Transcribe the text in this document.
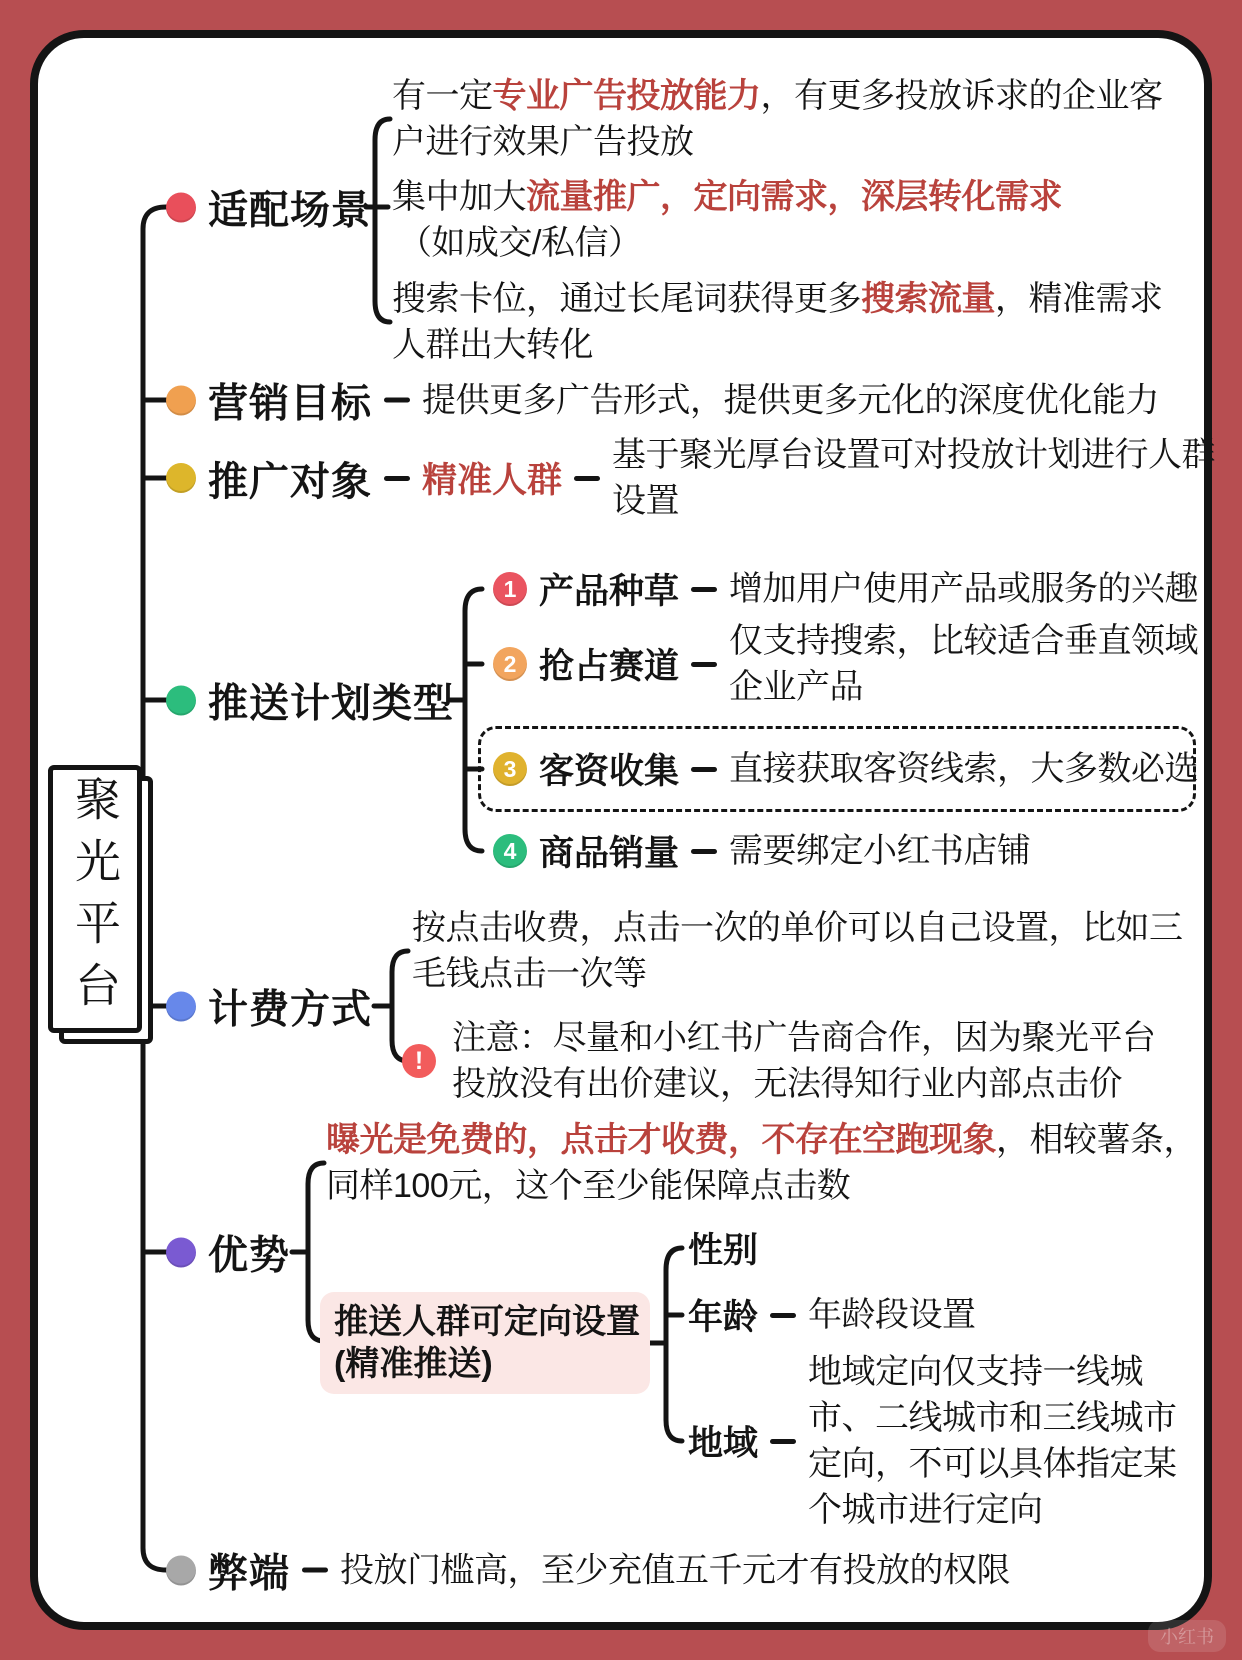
聚光平台
适配场景
有一定专业广告投放能力，有更多投放诉求的企业客
户进行效果广告投放
集中加大流量推广，定向需求，深层转化需求
（如成交/私信）
搜索卡位，通过长尾词获得更多搜索流量，精准需求
人群出大转化
营销目标 提供更多广告形式，提供更多元化的深度优化能力
推广对象 精准人群
基于聚光厚台设置可对投放计划进行人群
设置
推送计划类型
1 产品种草 增加用户使用产品或服务的兴趣
2 抢占赛道
仅支持搜索，比较适合垂直领域
企业产品
3 客资收集 直接获取客资线索，大多数必选
4 商品销量 需要绑定小红书店铺
计费方式
按点击收费，点击一次的单价可以自己设置，比如三
毛钱点击一次等
!
注意：尽量和小红书广告商合作，因为聚光平台
投放没有出价建议，无法得知行业内部点击价
优势
曝光是免费的，点击才收费，不存在空跑现象，相较薯条，
同样100元，这个至少能保障点击数
推送人群可定向设置
(精准推送)
性别
年龄 年龄段设置
地域
地域定向仅支持一线城
市、二线城市和三线城市
定向，不可以具体指定某
个城市进行定向
弊端 投放门槛高，至少充值五千元才有投放的权限
小红书
